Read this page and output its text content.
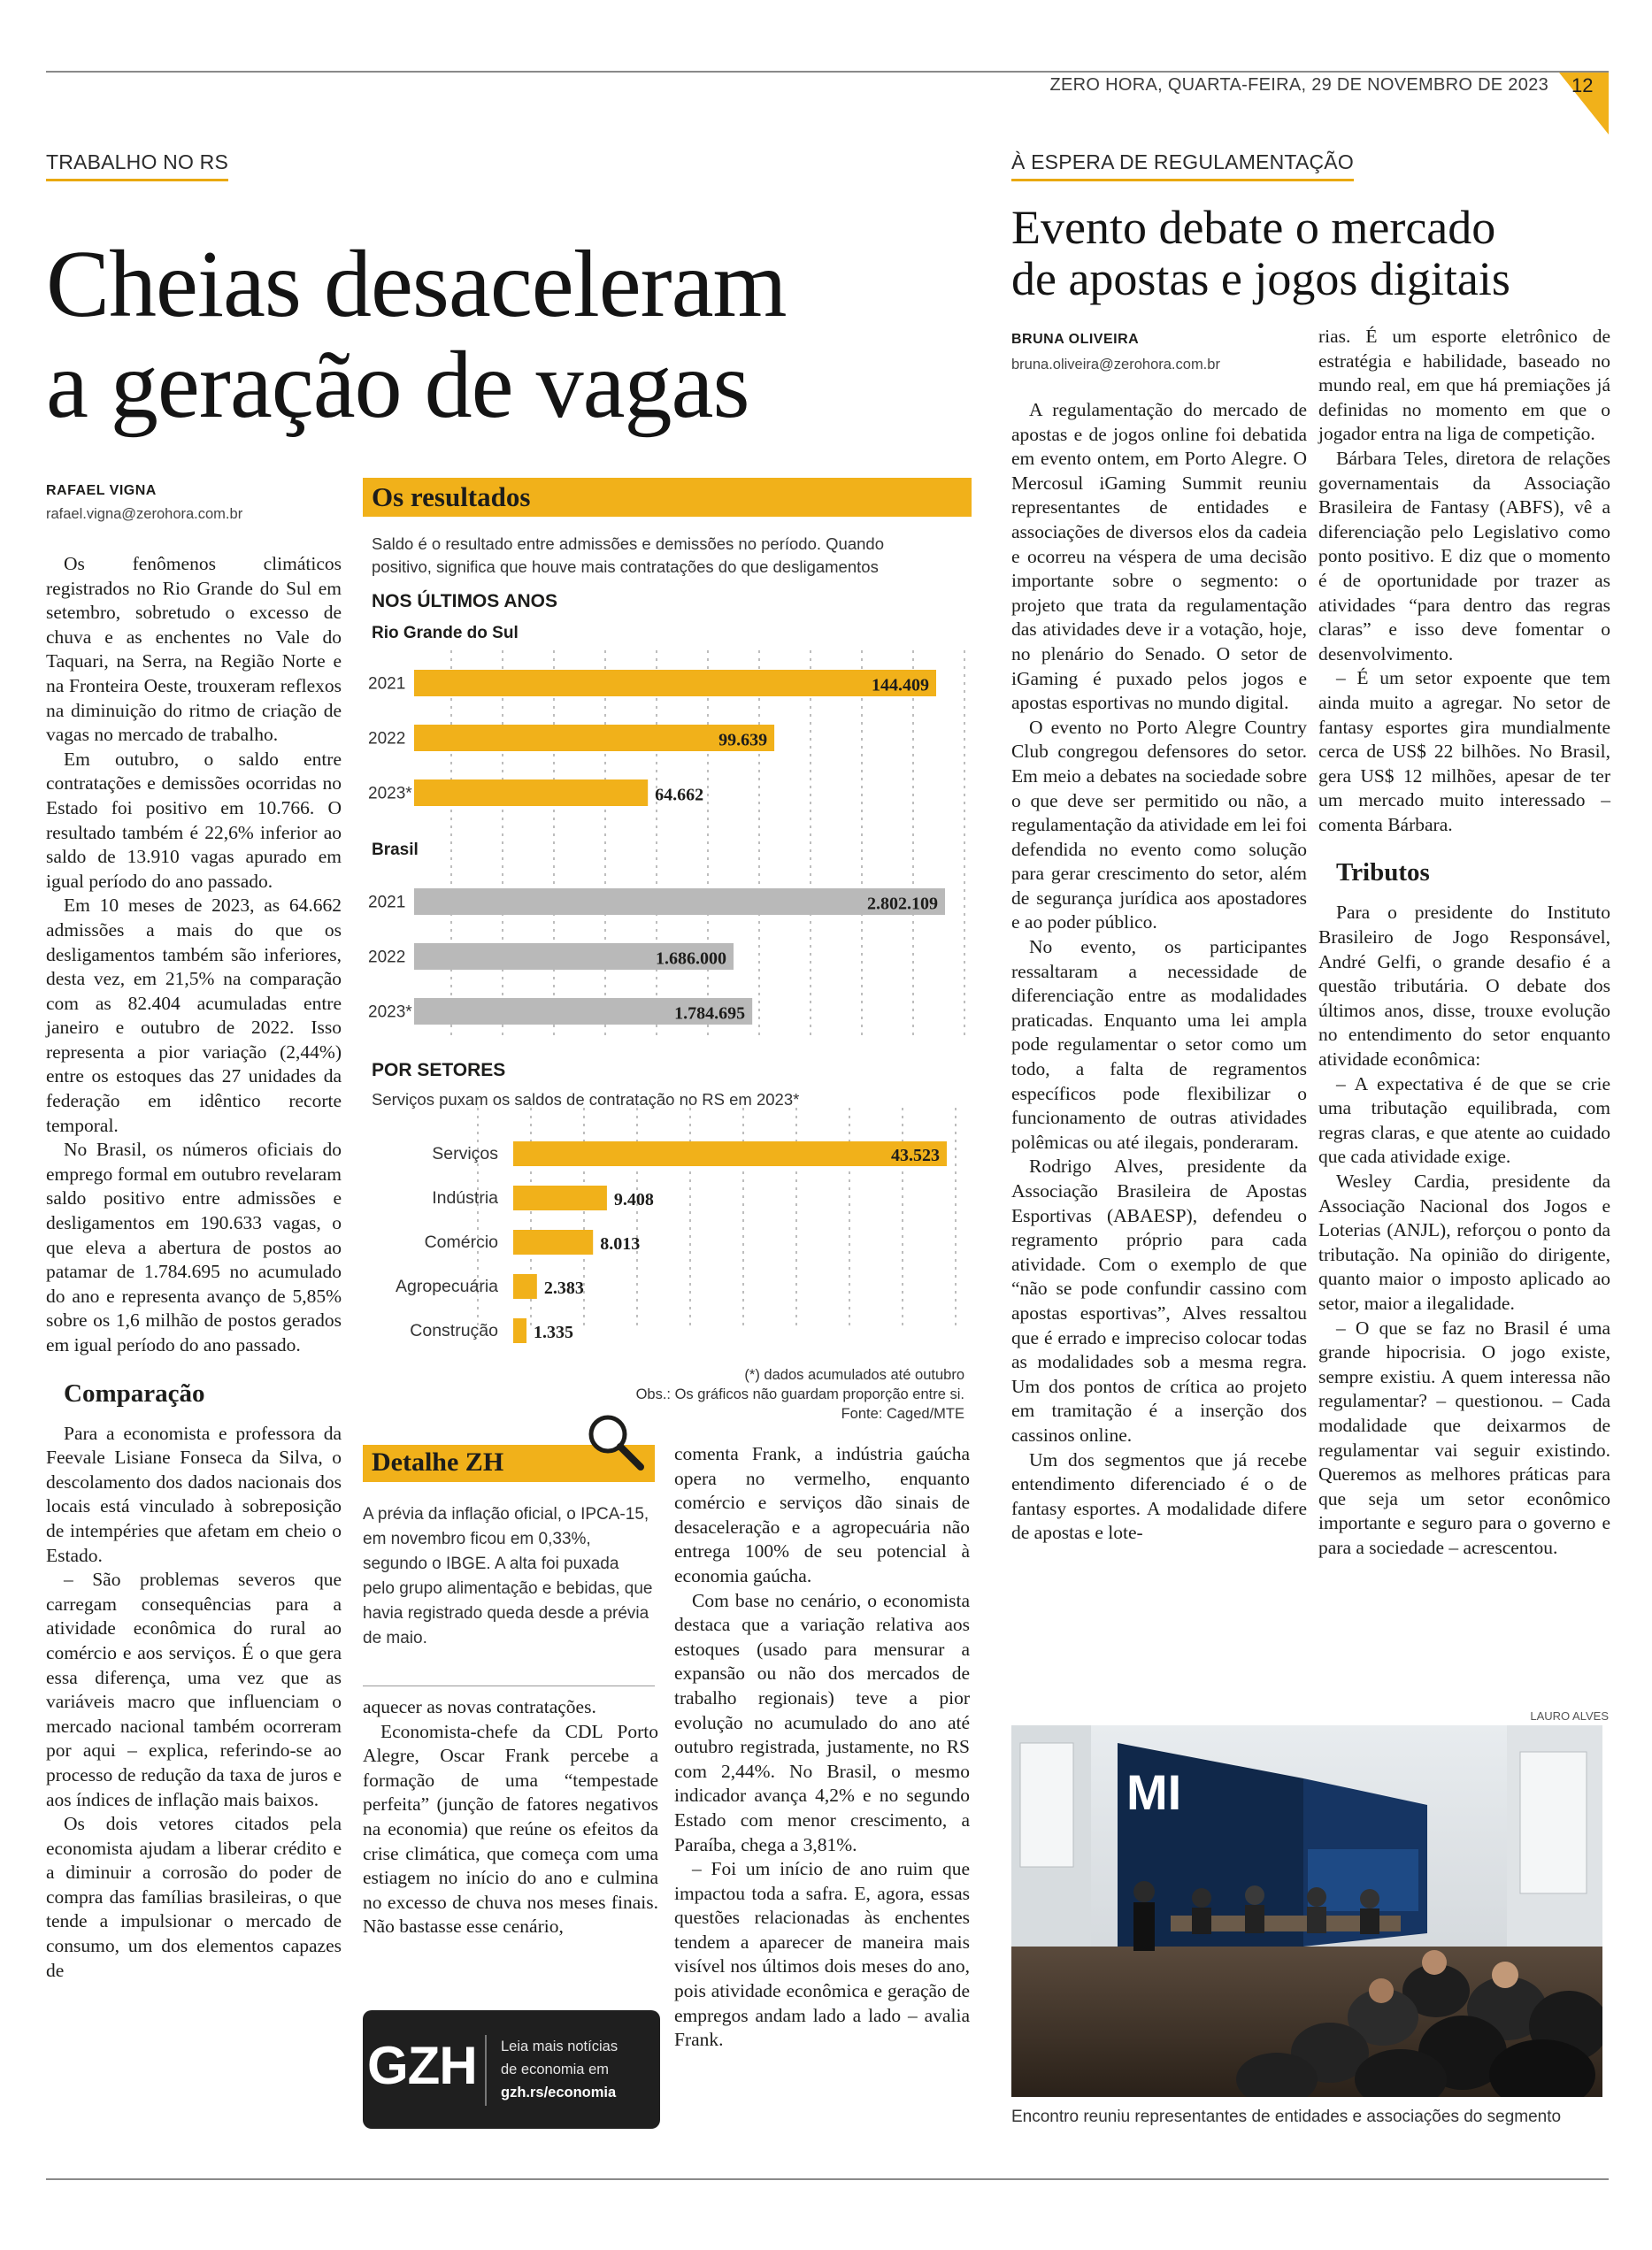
ZERO HORA, QUARTA-FEIRA, 29 DE NOVEMBRO DE 2023 12
TRABALHO NO RS
Cheias desaceleram
a geração de vagas
RAFAEL VIGNA
rafael.vigna@zerohora.com.br

Os fenômenos climáticos registrados no Rio Grande do Sul em setembro, sobretudo o excesso de chuva e as enchentes no Vale do Taquari, na Serra, na Região Norte e na Fronteira Oeste, trouxeram reflexos na diminuição do ritmo de criação de vagas no mercado de trabalho.

Em outubro, o saldo entre contratações e demissões ocorridas no Estado foi positivo em 10.766. O resultado também é 22,6% inferior ao saldo de 13.910 vagas apurado em igual período do ano passado.

Em 10 meses de 2023, as 64.662 admissões a mais do que os desligamentos também são inferiores, desta vez, em 21,5% na comparação com as 82.404 acumuladas entre janeiro e outubro de 2022. Isso representa a pior variação (2,44%) entre os estoques das 27 unidades da federação em idêntico recorte temporal.

No Brasil, os números oficiais do emprego formal em outubro revelaram saldo positivo entre admissões e desligamentos em 190.633 vagas, o que eleva a abertura de postos ao patamar de 1.784.695 no acumulado do ano e representa avanço de 5,85% sobre os 1,6 milhão de postos gerados em igual período do ano passado.

Comparação

Para a economista e professora da Feevale Lisiane Fonseca da Silva, o descolamento dos dados nacionais dos locais está vinculado à sobreposição de intempéries que afetam em cheio o Estado.

– São problemas severos que carregam consequências para a atividade econômica do rural ao comércio e aos serviços. É o que gera essa diferença, uma vez que as variáveis macro que influenciam o mercado nacional também ocorreram por aqui – explica, referindo-se ao processo de redução da taxa de juros e aos índices de inflação mais baixos.

Os dois vetores citados pela economista ajudam a liberar crédito e a diminuir a corrosão do poder de compra das famílias brasileiras, o que tende a impulsionar o mercado de consumo, um dos elementos capazes de

Os resultados
Saldo é o resultado entre admissões e demissões no período. Quando positivo, significa que houve mais contratações do que desligamentos
NOS ÚLTIMOS ANOS
Rio Grande do Sul
Brasil
POR SETORES
Serviços puxam os saldos de contratação no RS em 2023*
2021	144.409
2022	99.639
2023*	64.662
2021	2.802.109
2022	1.686.000
2023*	1.784.695
Serviços	43.523
Indústria	9.408
Comércio	8.013
Agropecuária	2.383
Construção 1.335
(*) dados acumulados até outubro
Obs.: Os gráficos não guardam proporção entre si.
Fonte: Caged/MTE
Detalhe ZH
A prévia da inflação oficial, o IPCA-15, em novembro ficou em 0,33%, segundo o IBGE. A alta foi puxada pelo grupo alimentação e bebidas, que havia registrado queda desde a prévia de maio.

aquecer as novas contratações.

Economista-chefe da CDL Porto Alegre, Oscar Frank percebe a formação de uma “tempestade perfeita” (junção de fatores negativos na economia) que reúne os efeitos da crise climática, que começa com uma estiagem no início do ano e culmina no excesso de chuva nos meses finais. Não bastasse esse cenário,

comenta Frank, a indústria gaúcha opera no vermelho, enquanto comércio e serviços dão sinais de desaceleração e a agropecuária não entrega 100% de seu potencial à economia gaúcha.

Com base no cenário, o economista destaca que a variação relativa aos estoques (usado para mensurar a expansão ou não dos mercados de trabalho regionais) teve a pior evolução no acumulado do ano até outubro registrada, justamente, no RS com 2,44%. No Brasil, o mesmo indicador avança 4,2% e no segundo Estado com menor crescimento, a Paraíba, chega a 3,81%.

– Foi um início de ano ruim que impactou toda a safra. E, agora, essas questões relacionadas às enchentes tendem a aparecer de maneira mais visível nos últimos dois meses do ano, pois atividade econômica e geração de empregos andam lado a lado – avalia Frank.

GZH Leia mais notícias
de economia em
gzh.rs/economia
À ESPERA DE REGULAMENTAÇÃO
Evento debate o mercado
de apostas e jogos digitais
BRUNA OLIVEIRA
bruna.oliveira@zerohora.com.br

A regulamentação do mercado de apostas e de jogos online foi debatida em evento ontem, em Porto Alegre. O Mercosul iGaming Summit reuniu representantes de entidades e associações de diversos elos da cadeia e ocorreu na véspera de uma decisão importante sobre o segmento: o projeto que trata da regulamentação das atividades deve ir a votação, hoje, no plenário do Senado. O setor de iGaming é puxado pelos jogos e apostas esportivas no mundo digital.

O evento no Porto Alegre Country Club congregou defensores do setor. Em meio a debates na sociedade sobre o que deve ser permitido ou não, a regulamentação da atividade em lei foi defendida no evento como solução para gerar crescimento do setor, além de segurança jurídica aos apostadores e ao poder público.

No evento, os participantes ressaltaram a necessidade de diferenciação entre as modalidades praticadas. Enquanto uma lei ampla pode regulamentar o setor como um todo, a falta de regramentos específicos pode flexibilizar o funcionamento de outras atividades polêmicas ou até ilegais, ponderaram.

Rodrigo Alves, presidente da Associação Brasileira de Apostas Esportivas (ABAESP), defendeu o regramento próprio para cada atividade. Com o exemplo de que “não se pode confundir cassino com apostas esportivas”, Alves ressaltou que é errado e impreciso colocar todas as modalidades sob a mesma regra. Um dos pontos de crítica ao projeto em tramitação é a inserção dos cassinos online.

Um dos segmentos que já recebe entendimento diferenciado é o de fantasy esportes. A modalidade difere de apostas e lote-

rias. É um esporte eletrônico de estratégia e habilidade, baseado no mundo real, em que há premiações já definidas no momento em que o jogador entra na liga de competição.

Bárbara Teles, diretora de relações governamentais da Associação Brasileira de Fantasy (ABFS), vê a diferenciação pelo Legislativo como ponto positivo. E diz que o momento é de oportunidade por trazer as atividades “para dentro das regras claras” e isso deve fomentar o desenvolvimento.

– É um setor expoente que tem ainda muito a agregar. No setor de fantasy esportes gira mundialmente cerca de US$ 22 bilhões. No Brasil, gera US$ 12 milhões, apesar de ter um mercado muito interessado – comenta Bárbara.

Tributos

Para o presidente do Instituto Brasileiro de Jogo Responsável, André Gelfi, o grande desafio é a questão tributária. O debate dos últimos anos, disse, trouxe evolução no entendimento do setor enquanto atividade econômica:

– A expectativa é de que se crie uma tributação equilibrada, com regras claras, e que atente ao cuidado que cada atividade exige.

Wesley Cardia, presidente da Associação Nacional dos Jogos e Loterias (ANJL), reforçou o ponto da tributação. Na opinião do dirigente, quanto maior o imposto aplicado ao setor, maior a ilegalidade.

– O que se faz no Brasil é uma grande hipocrisia. O jogo existe, sempre existiu. A quem interessa não regulamentar? – questionou. – Cada modalidade que deixarmos de regulamentar vai seguir existindo. Queremos as melhores práticas para que seja um setor econômico importante e seguro para o governo e para a sociedade – acrescentou.

LAURO ALVES
MI
Encontro reuniu representantes de entidades e associações do segmento
